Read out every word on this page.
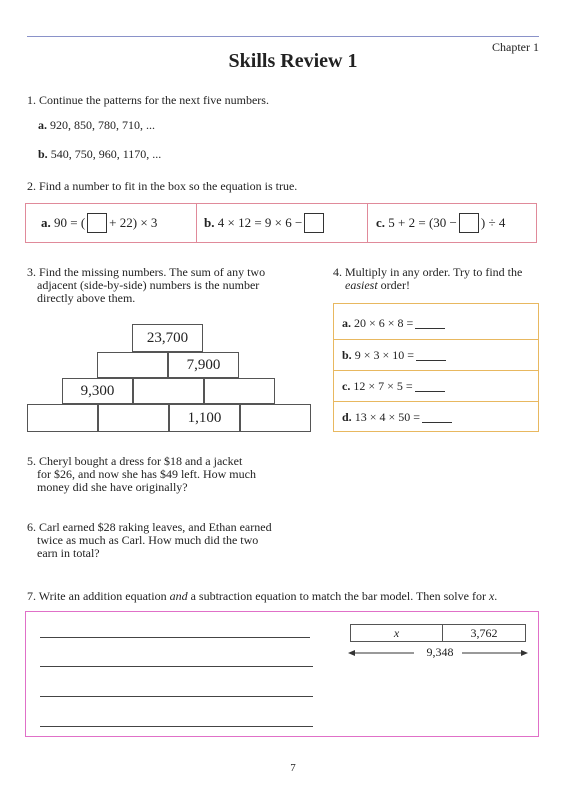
Chapter 1
Skills Review 1
1. Continue the patterns for the next five numbers.
a. 920, 850, 780, 710, ...
b. 540, 750, 960, 1170, ...
2. Find a number to fit in the box so the equation is true.
a.
90 = ( + 22) × 3	b.
4 × 12 = 9 × 6 −	c.
5 + 2 = (30 − ) ÷ 4
3. Find the missing numbers. The sum of any two
adjacent (side-by-side) numbers is the number
directly above them.
23,700
7,900
9,300
1,100
4. Multiply in any order. Try to find the
easiest order!
a.
20 × 6 × 8 =
b.
9 × 3 × 10 =
c.
12 × 7 × 5 =
d.
13 × 4 × 50 =
5. Cheryl bought a dress for $18 and a jacket
for $26, and now she has $49 left. How much
money did she have originally?
6. Carl earned $28 raking leaves, and Ethan earned
twice as much as Carl. How much did the two
earn in total?
7. Write an addition equation and a subtraction equation to match the bar model. Then solve for x.
x	3,762
9,348
7
